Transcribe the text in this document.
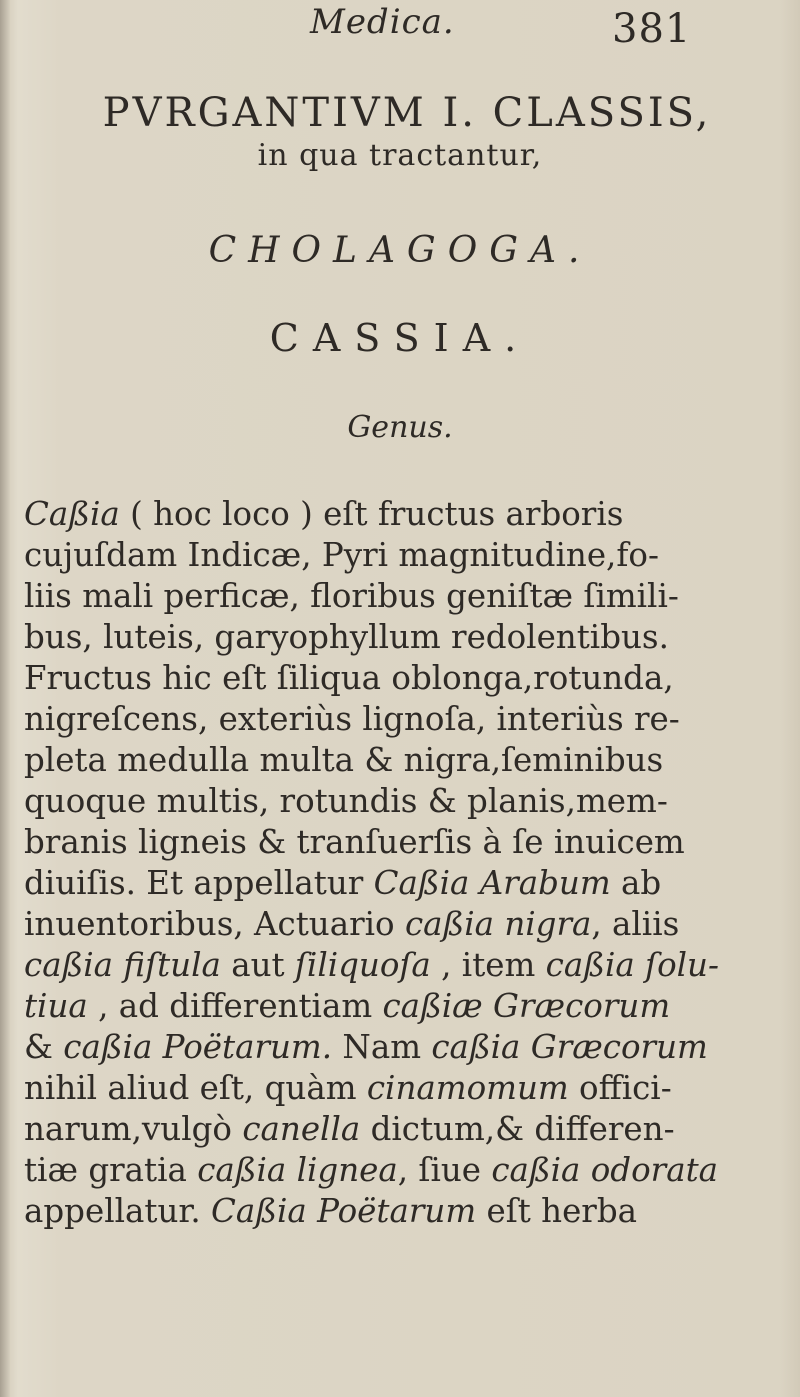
Medica.	381
PVRGANTIVM I. CLASSIS,
in qua tractantur,
CHOLAGOGA.
CASSIA.
Genus.
Caßia ( hoc loco ) eſt fructus arboris
cujuſdam Indicæ, Pyri magnitudine,fo-
liis mali perficæ, floribus geniſtæ ſimili-
bus, luteis, garyophyllum redolentibus.
Fructus hic eſt ſiliqua oblonga,rotunda,
nigreſcens, exteriùs lignoſa, interiùs re-
pleta medulla multa & nigra,ſeminibus
quoque multis, rotundis & planis,mem-
branis ligneis & tranſuerſis à ſe inuicem
diuiſis. Et appellatur Caßia Arabum ab
inuentoribus, Actuario caßia nigra, aliis
caßia fiſtula aut ſiliquoſa , item caßia ſolu-
tiua , ad differentiam caßiæ Græcorum
& caßia Poëtarum. Nam caßia Græcorum
nihil aliud eſt, quàm cinamomum offici-
narum,vulgò canella dictum,& differen-
tiæ gratia caßia lignea, ſiue caßia odorata
appellatur. Caßia Poëtarum eſt herba
